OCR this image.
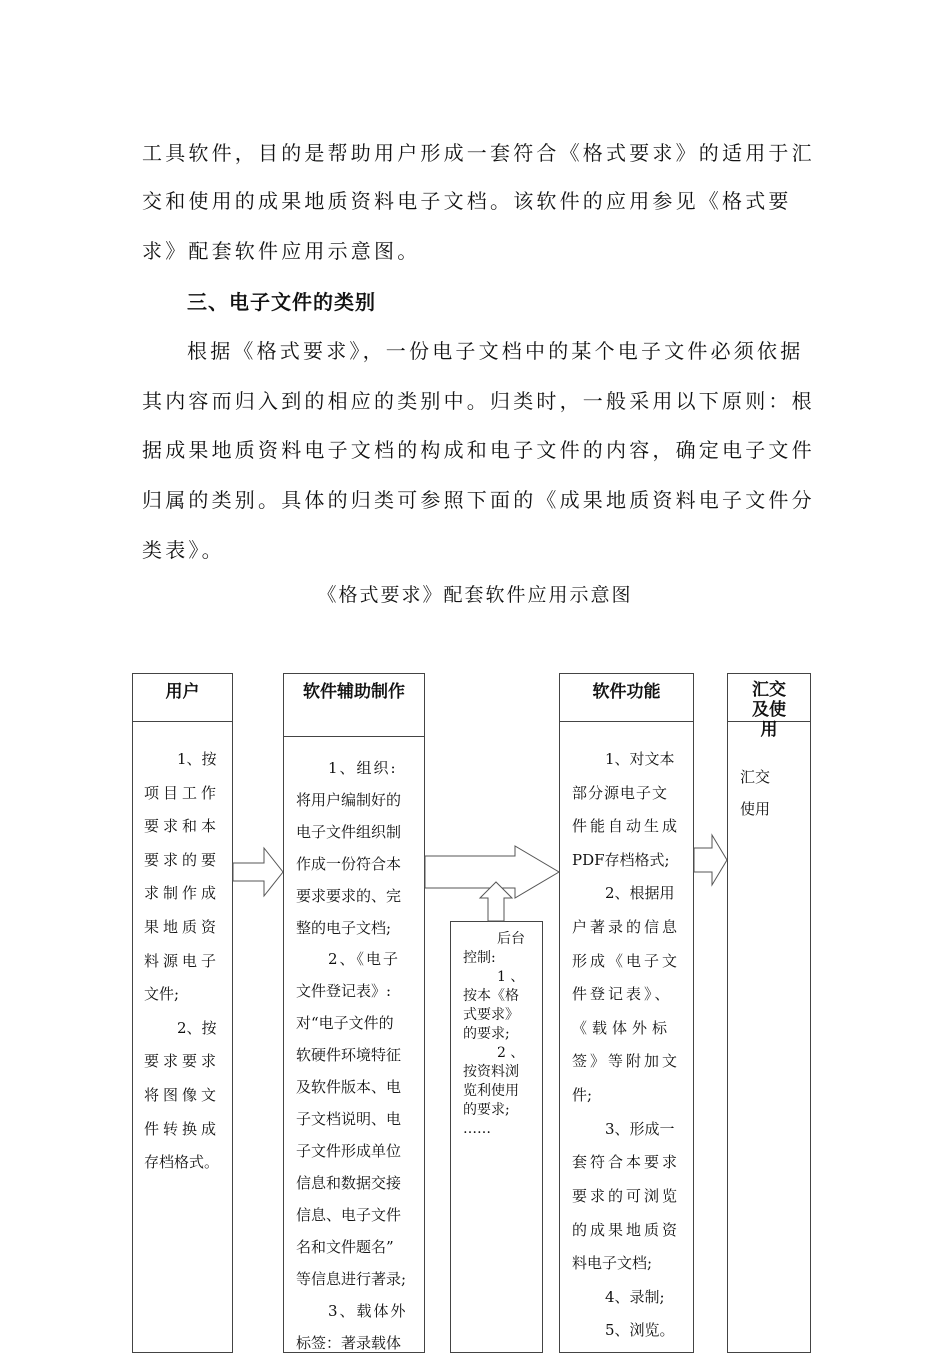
工具软件，目的是帮助用户形成一套符合《格式要求》的适用于汇
交和使用的成果地质资料电子文档。该软件的应用参见《格式要
求》配套软件应用示意图。
三、电子文件的类别
根据《格式要求》，一份电子文档中的某个电子文件必须依据
其内容而归入到的相应的类别中。归类时，一般采用以下原则：根
据成果地质资料电子文档的构成和电子文件的内容，确定电子文件
归属的类别。具体的归类可参照下面的《成果地质资料电子文件分
类表》。
《格式要求》配套软件应用示意图
用户
1、按
项目工作
要求和本
要求的要
求制作成
果地质资
料源电子
文件;
2、按
要求要求
将图像文
件转换成
存档格式。
软件辅助制作
1、组织:
将用户编制好的
电子文件组织制
作成一份符合本
要求要求的、完
整的电子文档;
2、《电子
文件登记表》:
对“电子文件的
软硬件环境特征
及软件版本、电
子文档说明、电
子文件形成单位
信息和数据交接
信息、电子文件
名和文件题名”
等信息进行著录;
3、载体外
标签：著录载体
后台
控制:
1 、
按本《格
式要求》
的要求;
2 、
按资料浏
览利使用
的要求;
……
软件功能
1、对文本
部分源电子文
件能自动生成
PDF存档格式;
2、根据用
户著录的信息
形成《电子文
件登记表》、
《载体外标
签》等附加文
件;
3、形成一
套符合本要求
要求的可浏览
的成果地质资
料电子文档;
4、录制;
5、浏览。
汇交及使用
汇交
使用
